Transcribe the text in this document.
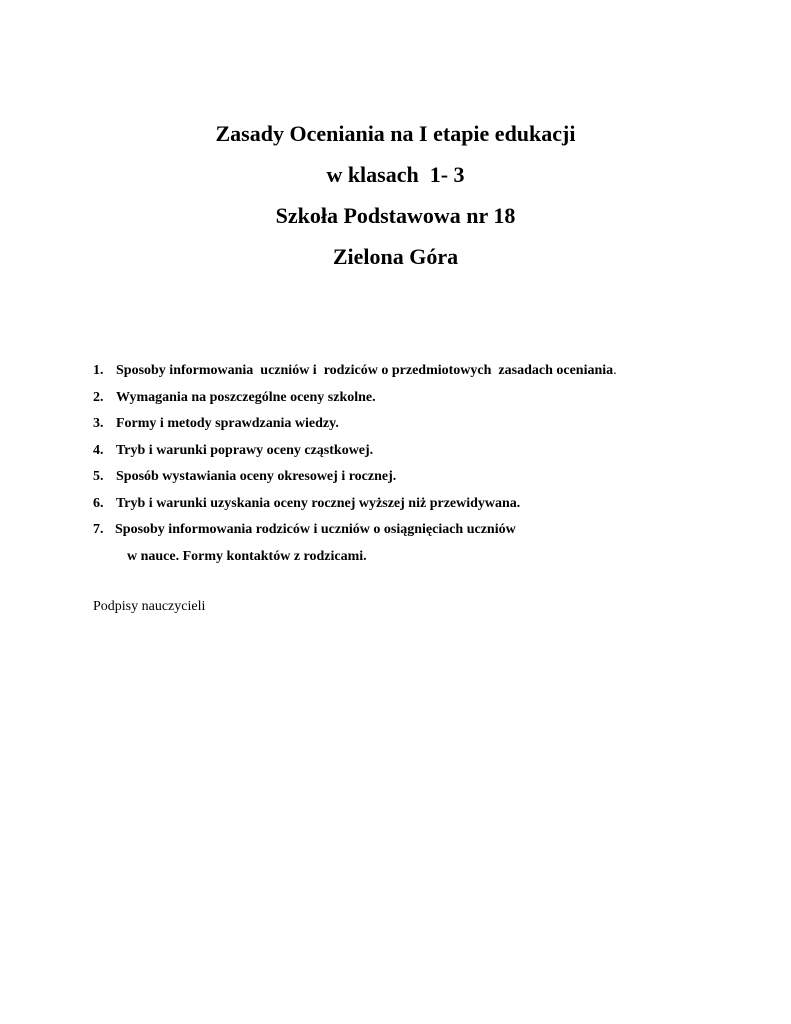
Zasady Oceniania na I etapie edukacji

w klasach  1- 3

Szkoła Podstawowa nr 18

Zielona Góra

1. Sposoby informowania  uczniów i  rodziców o przedmiotowych  zasadach oceniania .
2. Wymagania na poszczególne oceny szkolne.
3. Formy i metody sprawdzania wiedzy.
4. Tryb i warunki poprawy oceny cząstkowej.
5. Sposób wystawiania oceny okresowej i rocznej.
6. Tryb i warunki uzyskania oceny rocznej wyższej niż przewidywana.
7. Sposoby informowania rodziców i uczniów o osiągnięciach uczniów
w nauce. Formy kontaktów z rodzicami.

Podpisy nauczycieli
